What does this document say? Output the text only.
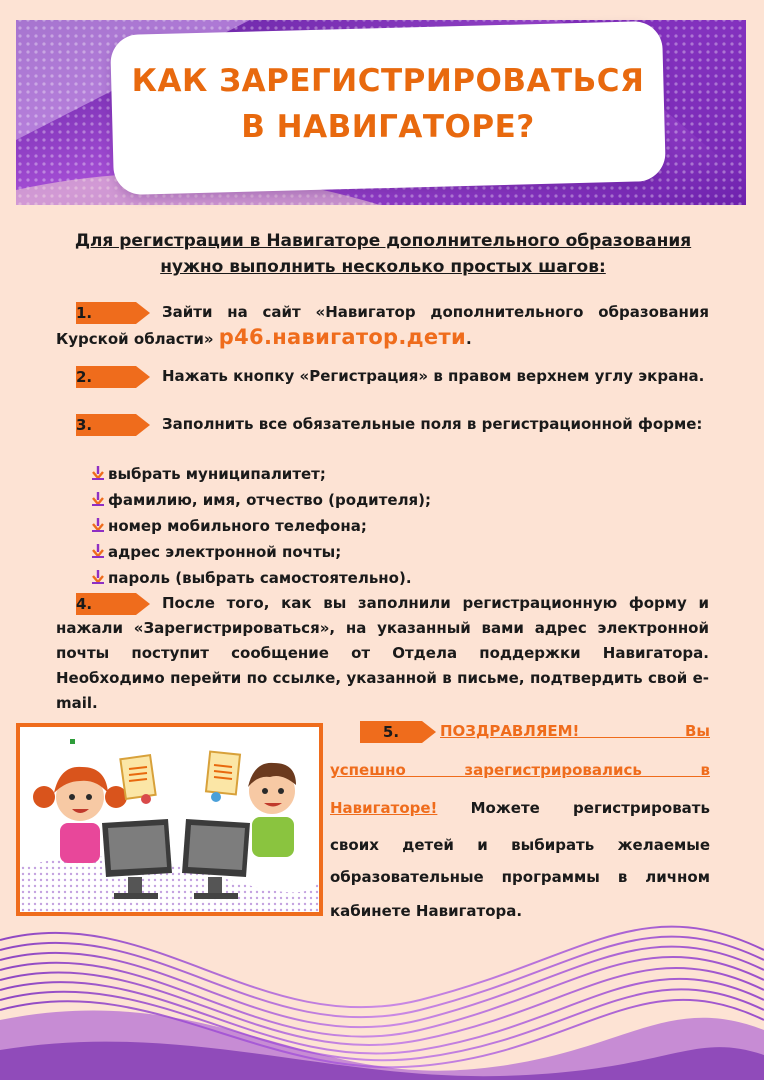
КАК ЗАРЕГИСТРИРОВАТЬСЯ
В НАВИГАТОРЕ?
Для регистрации в Навигаторе дополнительного образования
нужно выполнить несколько простых шагов:
1.	Зайти на сайт «Навигатор дополнительного образования Курской области» р46.навигатор.дети.
2.	Нажать кнопку «Регистрация» в правом верхнем углу экрана.
3.	Заполнить все обязательные поля в регистрационной форме:
выбрать муниципалитет;
фамилию, имя, отчество (родителя);
номер мобильного телефона;
адрес электронной почты;
пароль (выбрать самостоятельно).
4.	После того, как вы заполнили регистрационную форму и нажали «Зарегистрироваться», на указанный вами адрес электронной почты поступит сообщение от Отдела поддержки Навигатора. Необходимо перейти по ссылке, указанной в письме, подтвердить свой e-mail.
5.	ПОЗДРАВЛЯЕМ! Вы
успешно зарегистрировались в
Навигаторе! Можете регистрировать
своих детей и выбирать желаемые
образовательные программы в личном
кабинете Навигатора.
